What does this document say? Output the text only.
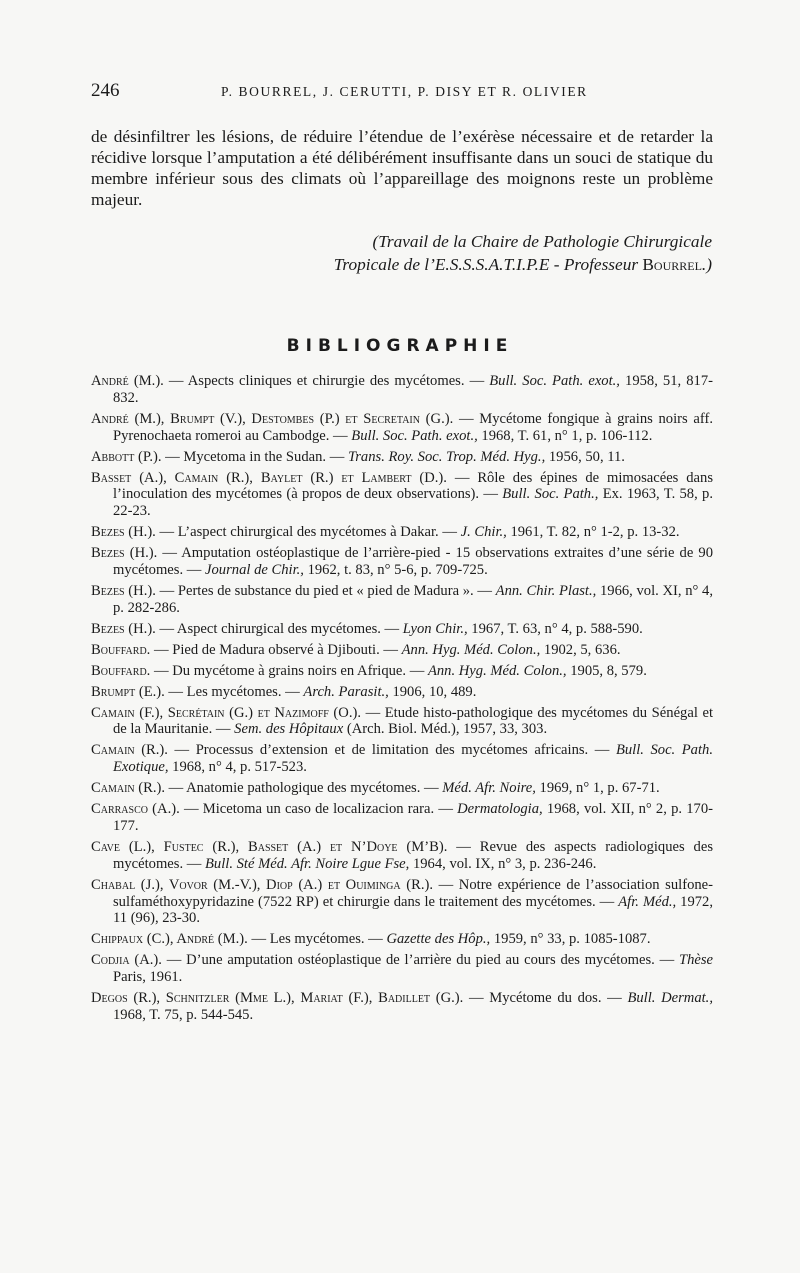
246	P. BOURREL, J. CERUTTI, P. DISY ET R. OLIVIER

de désinfiltrer les lésions, de réduire l’étendue de l’exérèse nécessaire et de retarder la récidive lorsque l’amputation a été délibérément insuffisante dans un souci de statique du membre inférieur sous des climats où l’appareillage des moignons reste un problème majeur.

(Travail de la Chaire de Pathologie Chirurgicale
Tropicale de l’E.S.S.S.A.T.I.P.E - Professeur Bourrel.)

BIBLIOGRAPHIE
André (M.). — Aspects cliniques et chirurgie des mycétomes. — Bull. Soc. Path. exot., 1958, 51, 817-832.
André (M.), Brumpt (V.), Destombes (P.) et Secretain (G.). — Mycétome fongique à grains noirs aff. Pyrenochaeta romeroi au Cambodge. — Bull. Soc. Path. exot., 1968, T. 61, n° 1, p. 106-112.
Abbott (P.). — Mycetoma in the Sudan. — Trans. Roy. Soc. Trop. Méd. Hyg., 1956, 50, 11.
Basset (A.), Camain (R.), Baylet (R.) et Lambert (D.). — Rôle des épines de mimosacées dans l’inoculation des mycétomes (à propos de deux observations). — Bull. Soc. Path., Ex. 1963, T. 58, p. 22-23.
Bezes (H.). — L’aspect chirurgical des mycétomes à Dakar. — J. Chir., 1961, T. 82, n° 1-2, p. 13-32.
Bezes (H.). — Amputation ostéoplastique de l’arrière-pied - 15 observations extraites d’une série de 90 mycétomes. — Journal de Chir., 1962, t. 83, n° 5-6, p. 709-725.
Bezes (H.). — Pertes de substance du pied et « pied de Madura ». — Ann. Chir. Plast., 1966, vol. XI, n° 4, p. 282-286.
Bezes (H.). — Aspect chirurgical des mycétomes. — Lyon Chir., 1967, T. 63, n° 4, p. 588-590.
Bouffard. — Pied de Madura observé à Djibouti. — Ann. Hyg. Méd. Colon., 1902, 5, 636.
Bouffard. — Du mycétome à grains noirs en Afrique. — Ann. Hyg. Méd. Colon., 1905, 8, 579.
Brumpt (E.). — Les mycétomes. — Arch. Parasit., 1906, 10, 489.
Camain (F.), Secrétain (G.) et Nazimoff (O.). — Etude histo-pathologique des mycétomes du Sénégal et de la Mauritanie. — Sem. des Hôpitaux (Arch. Biol. Méd.), 1957, 33, 303.
Camain (R.). — Processus d’extension et de limitation des mycétomes africains. — Bull. Soc. Path. Exotique, 1968, n° 4, p. 517-523.
Camain (R.). — Anatomie pathologique des mycétomes. — Méd. Afr. Noire, 1969, n° 1, p. 67-71.
Carrasco (A.). — Micetoma un caso de localizacion rara. — Dermatologia, 1968, vol. XII, n° 2, p. 170-177.
Cave (L.), Fustec (R.), Basset (A.) et N’Doye (M’B). — Revue des aspects radiologiques des mycétomes. — Bull. Sté Méd. Afr. Noire Lgue Fse, 1964, vol. IX, n° 3, p. 236-246.
Chabal (J.), Vovor (M.-V.), Diop (A.) et Ouiminga (R.). — Notre expérience de l’association sulfone-sulfaméthoxypyridazine (7522 RP) et chirurgie dans le traitement des mycétomes. — Afr. Méd., 1972, 11 (96), 23-30.
Chippaux (C.), André (M.). — Les mycétomes. — Gazette des Hôp., 1959, n° 33, p. 1085-1087.
Codjia (A.). — D’une amputation ostéoplastique de l’arrière du pied au cours des mycétomes. — Thèse Paris, 1961.
Degos (R.), Schnitzler (Mme L.), Mariat (F.), Badillet (G.). — Mycétome du dos. — Bull. Dermat., 1968, T. 75, p. 544-545.
